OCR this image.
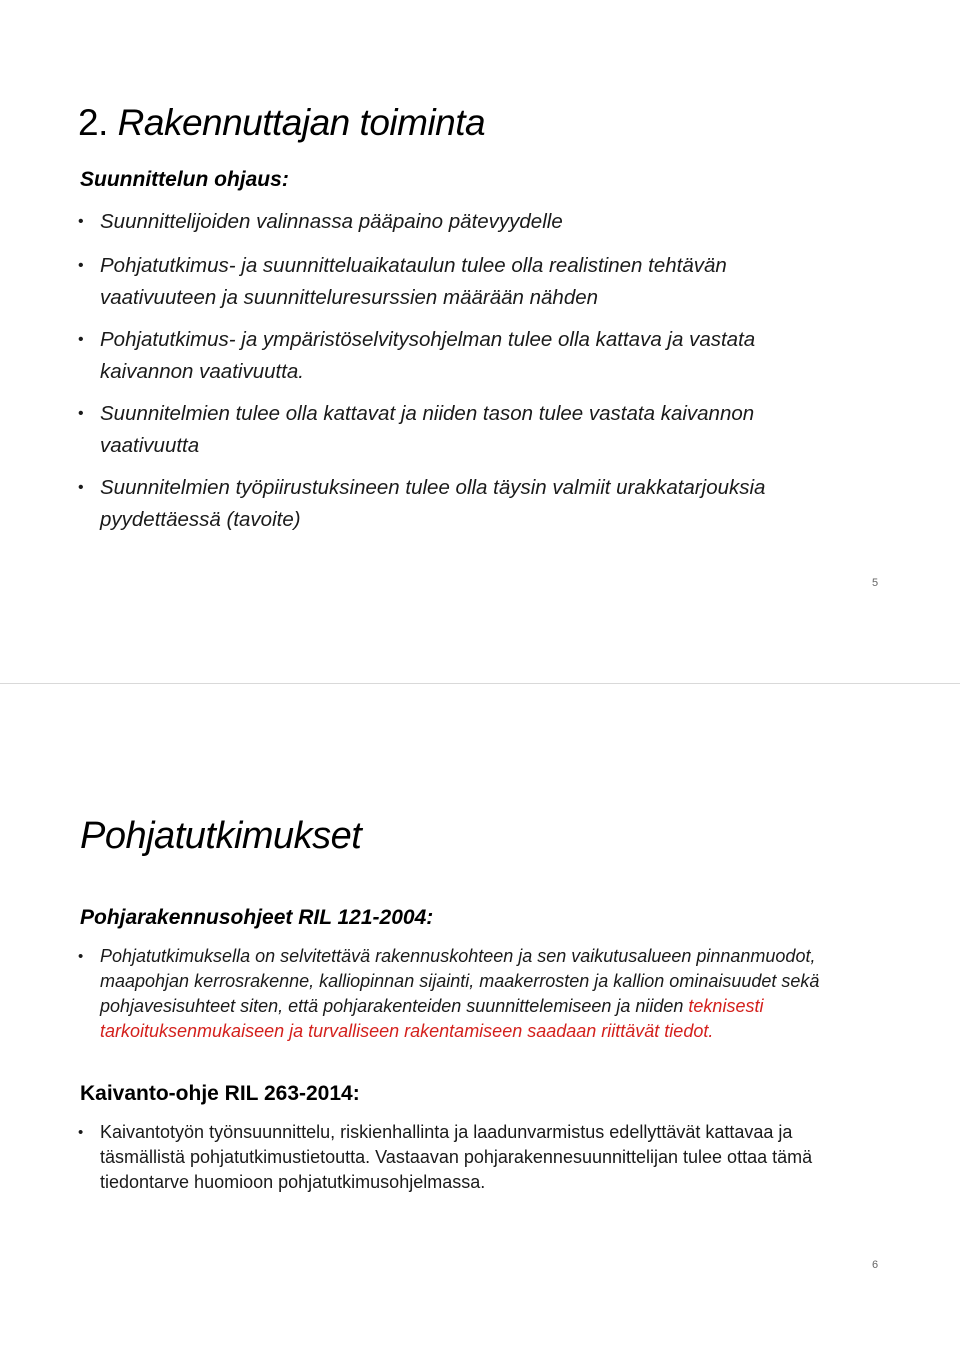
2. Rakennuttajan toiminta
Suunnittelun ohjaus:
• Suunnittelijoiden valinnassa pääpaino pätevyydelle
• Pohjatutkimus- ja suunnitteluaikataulun tulee olla realistinen tehtävän vaativuuteen ja suunnitteluresurssien määrään nähden
• Pohjatutkimus- ja ympäristöselvitysohjelman tulee olla kattava ja vastata kaivannon vaativuutta.
• Suunnitelmien tulee olla kattavat ja niiden tason tulee vastata kaivannon vaativuutta
• Suunnitelmien työpiirustuksineen tulee olla täysin valmiit urakkatarjouksia pyydettäessä (tavoite)
5
Pohjatutkimukset
Pohjarakennusohjeet RIL 121-2004:
• Pohjatutkimuksella on selvitettävä rakennuskohteen ja sen vaikutusalueen pinnanmuodot, maapohjan kerrosrakenne, kalliopinnan sijainti, maakerrosten ja kallion ominaisuudet sekä pohjavesisuhteet siten, että pohjarakenteiden suunnittelemiseen ja niiden teknisesti tarkoituksenmukaiseen ja turvalliseen rakentamiseen saadaan riittävät tiedot.
Kaivanto-ohje RIL 263-2014:
• Kaivantotyön työnsuunnittelu, riskienhallinta ja laadunvarmistus edellyttävät kattavaa ja täsmällistä pohjatutkimustietoutta. Vastaavan pohjarakennesuunnittelijan tulee ottaa tämä tiedontarve huomioon pohjatutkimusohjelmassa.
6
